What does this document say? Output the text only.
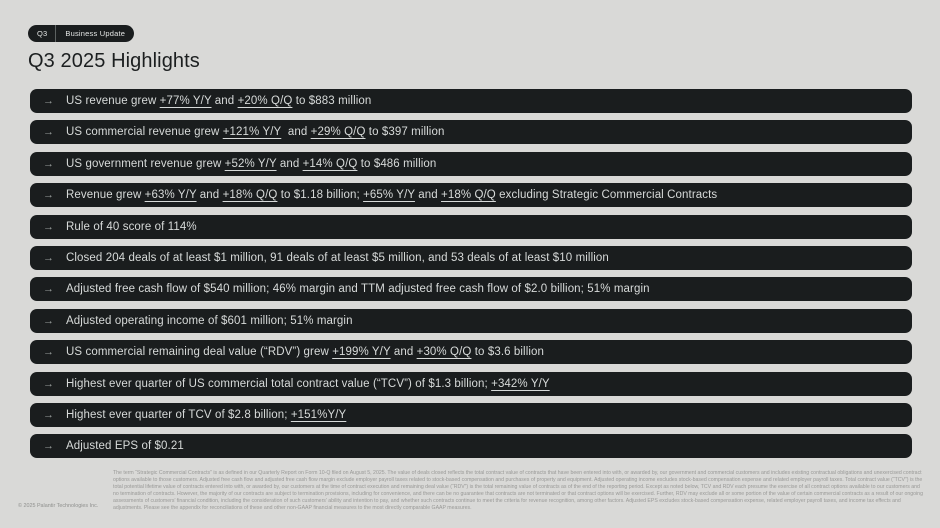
Q3	Business Update
Q3 2025 Highlights
→ US revenue grew +77% Y/Y and +20% Q/Q to $883 million
→ US commercial revenue grew +121% Y/Y  and +29% Q/Q to $397 million
→ US government revenue grew +52% Y/Y and +14% Q/Q to $486 million
→ Revenue grew +63% Y/Y and +18% Q/Q to $1.18 billion; +65% Y/Y and +18% Q/Q excluding Strategic Commercial Contracts
→ Rule of 40 score of 114%
→ Closed 204 deals of at least $1 million, 91 deals of at least $5 million, and 53 deals of at least $10 million
→ Adjusted free cash flow of $540 million; 46% margin and TTM adjusted free cash flow of $2.0 billion; 51% margin
→ Adjusted operating income of $601 million; 51% margin
→ US commercial remaining deal value (“RDV”) grew +199% Y/Y and +30% Q/Q to $3.6 billion
→ Highest ever quarter of US commercial total contract value (“TCV”) of $1.3 billion; +342% Y/Y
→ Highest ever quarter of TCV of $2.8 billion; +151%Y/Y
→ Adjusted EPS of $0.21
© 2025 Palantir Technologies Inc.
The term “Strategic Commercial Contracts” is as defined in our Quarterly Report on Form 10-Q filed on August 5, 2025. The value of deals closed reflects the total contract value of contracts that have been entered into with, or awarded by, our government and commercial customers and includes existing contractual obligations and unexercised contract options available to those customers. Adjusted free cash flow and adjusted free cash flow margin exclude employer payroll taxes related to stock-based compensation and purchases of property and equipment. Adjusted operating income excludes stock-based compensation expense and related employer payroll taxes. Total contract value (“TCV”) is the total potential lifetime value of contracts entered into with, or awarded by, our customers at the time of contract execution and remaining deal value (“RDV”) is the total remaining value of contracts as of the end of the reporting period. Except as noted below, TCV and RDV each presume the exercise of all contract options available to our customers and no termination of contracts. However, the majority of our contracts are subject to termination provisions, including for convenience, and there can be no guarantee that contracts are not terminated or that contract options will be exercised. Further, RDV may exclude all or some portion of the value of certain commercial contracts as a result of our ongoing assessments of customers’ financial condition, including the consideration of such customers’ ability and intention to pay, and whether such contracts continue to meet the criteria for revenue recognition, among other factors. Adjusted EPS excludes stock-based compensation expense, related employer payroll taxes, and income tax effects and adjustments. Please see the appendix for reconciliations of these and other non-GAAP financial measures to the most directly comparable GAAP measures.
